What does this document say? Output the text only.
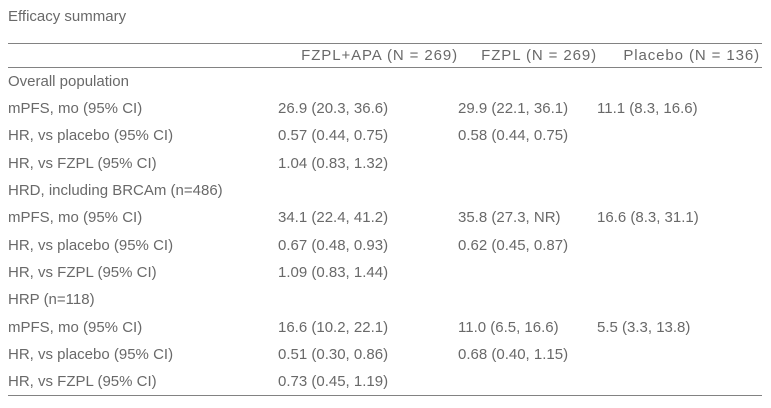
Efficacy summary
	FZPL+APA (N = 269)	FZPL (N = 269)	Placebo (N = 136)
Overall population			
mPFS, mo (95% CI)	26.9 (20.3, 36.6)	29.9 (22.1, 36.1)	11.1 (8.3, 16.6)
HR, vs placebo (95% CI)	0.57 (0.44, 0.75)	0.58 (0.44, 0.75)	
HR, vs FZPL (95% CI)	1.04 (0.83, 1.32)		
HRD, including BRCAm (n=486)			
mPFS, mo (95% CI)	34.1 (22.4, 41.2)	35.8 (27.3, NR)	16.6 (8.3, 31.1)
HR, vs placebo (95% CI)	0.67 (0.48, 0.93)	0.62 (0.45, 0.87)	
HR, vs FZPL (95% CI)	1.09 (0.83, 1.44)		
HRP (n=118)			
mPFS, mo (95% CI)	16.6 (10.2, 22.1)	11.0 (6.5, 16.6)	5.5 (3.3, 13.8)
HR, vs placebo (95% CI)	0.51 (0.30, 0.86)	0.68 (0.40, 1.15)	
HR, vs FZPL (95% CI)	0.73 (0.45, 1.19)		
